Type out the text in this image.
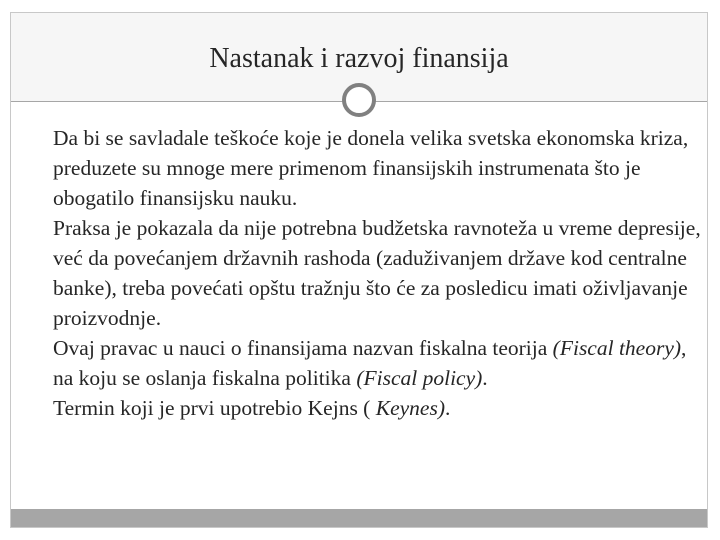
Nastanak i razvoj finansija

Da bi se savladale teškoće koje je donela velika svetska ekonomska kriza, preduzete su mnoge mere primenom finansijskih instrumenata što je obogatilo finansijsku nauku.

Praksa je pokazala da nije potrebna budžetska ravnoteža u vreme depresije, već da povećanjem državnih rashoda (zaduživanjem države kod centralne banke), treba povećati opštu tražnju što će za posledicu imati oživljavanje proizvodnje.

Ovaj pravac u nauci o finansijama nazvan fiskalna teorija (Fiscal theory), na koju se oslanja fiskalna politika (Fiscal policy).

Termin koji je prvi upotrebio Kejns ( Keynes).
